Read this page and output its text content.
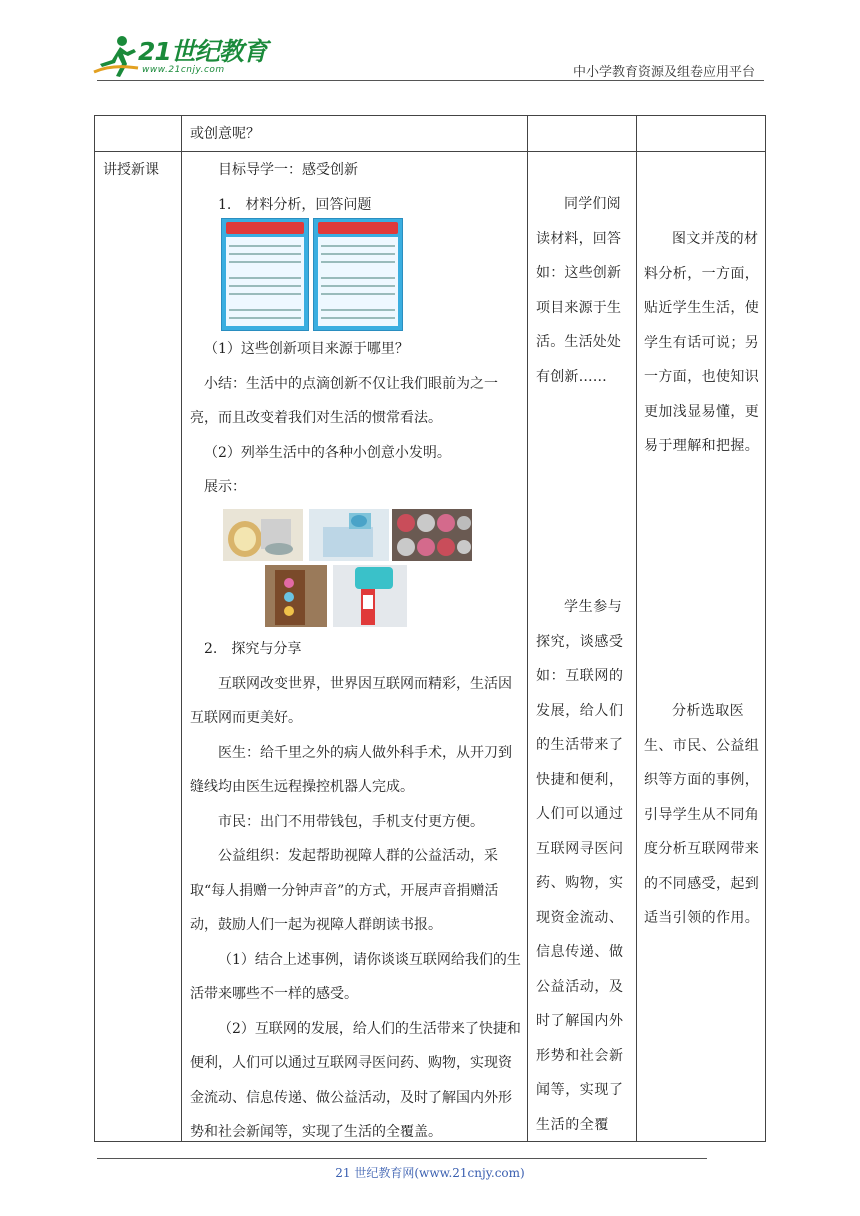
21世纪教育
www.21cnjy.com	中小学教育资源及组卷应用平台
或创意呢？
讲授新课	目标导学一：感受创新

1.　材料分析，回答问题

（1）这些创新项目来源于哪里？

小结：生活中的点滴创新不仅让我们眼前为之一亮，而且改变着我们对生活的惯常看法。

（2）列举生活中的各种小创意小发明。

展示：

2.　探究与分享

互联网改变世界，世界因互联网而精彩，生活因互联网而更美好。

医生：给千里之外的病人做外科手术，从开刀到缝线均由医生远程操控机器人完成。

市民：出门不用带钱包，手机支付更方便。

公益组织：发起帮助视障人群的公益活动，采取“每人捐赠一分钟声音”的方式，开展声音捐赠活动，鼓励人们一起为视障人群朗读书报。

（1）结合上述事例，请你谈谈互联网给我们的生活带来哪些不一样的感受。

（2）互联网的发展，给人们的生活带来了快捷和便利，人们可以通过互联网寻医问药、购物，实现资金流动、信息传递、做公益活动，及时了解国内外形势和社会新闻等，实现了生活的全覆盖。

同学们阅读材料，回答如：这些创新项目来源于生活。生活处处有创新……
学生参与探究，谈感受如：互联网的发展，给人们的生活带来了快捷和便利，人们可以通过互联网寻医问药、购物，实现资金流动、信息传递、做公益活动，及时了解国内外形势和社会新闻等，实现了生活的全覆
图文并茂的材料分析，一方面，贴近学生生活，使学生有话可说；另一方面，也使知识更加浅显易懂，更易于理解和把握。
分析选取医生、市民、公益组织等方面的事例，引导学生从不同角度分析互联网带来的不同感受，起到适当引领的作用。
21 世纪教育网(www.21cnjy.com)
